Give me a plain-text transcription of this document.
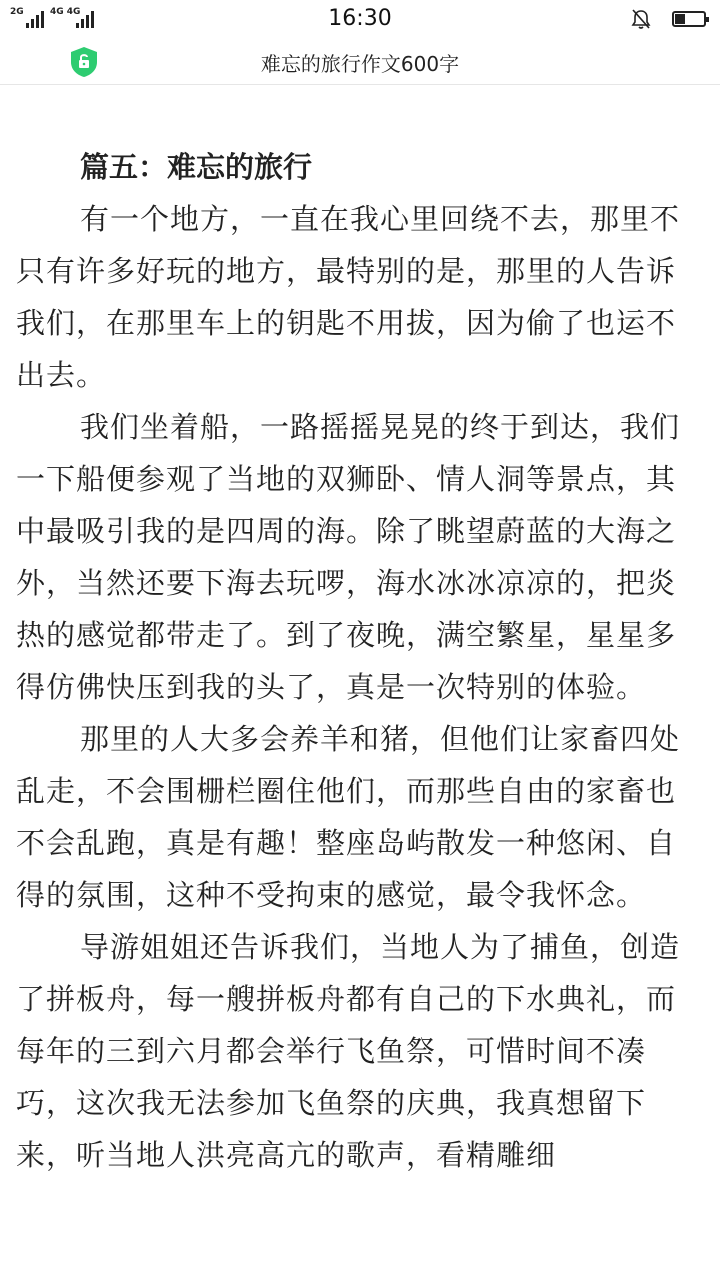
2G	4G 4G	16:30
难忘的旅行作文600字
篇五：难忘的旅行

有一个地方，一直在我心里回绕不去，那里不只有许多好玩的地方，最特别的是，那里的人告诉我们，在那里车上的钥匙不用拔，因为偷了也运不出去。

我们坐着船，一路摇摇晃晃的终于到达，我们一下船便参观了当地的双狮卧、情人洞等景点，其中最吸引我的是四周的海。除了眺望蔚蓝的大海之外，当然还要下海去玩啰，海水冰冰凉凉的，把炎热的感觉都带走了。到了夜晚，满空繁星，星星多得仿佛快压到我的头了，真是一次特别的体验。

那里的人大多会养羊和猪，但他们让家畜四处乱走，不会围栅栏圈住他们，而那些自由的家畜也不会乱跑，真是有趣！整座岛屿散发一种悠闲、自得的氛围，这种不受拘束的感觉，最令我怀念。

导游姐姐还告诉我们，当地人为了捕鱼，创造了拼板舟，每一艘拼板舟都有自己的下水典礼，而每年的三到六月都会举行飞鱼祭，可惜时间不凑巧，这次我无法参加飞鱼祭的庆典，我真想留下来，听当地人洪亮高亢的歌声，看精雕细
